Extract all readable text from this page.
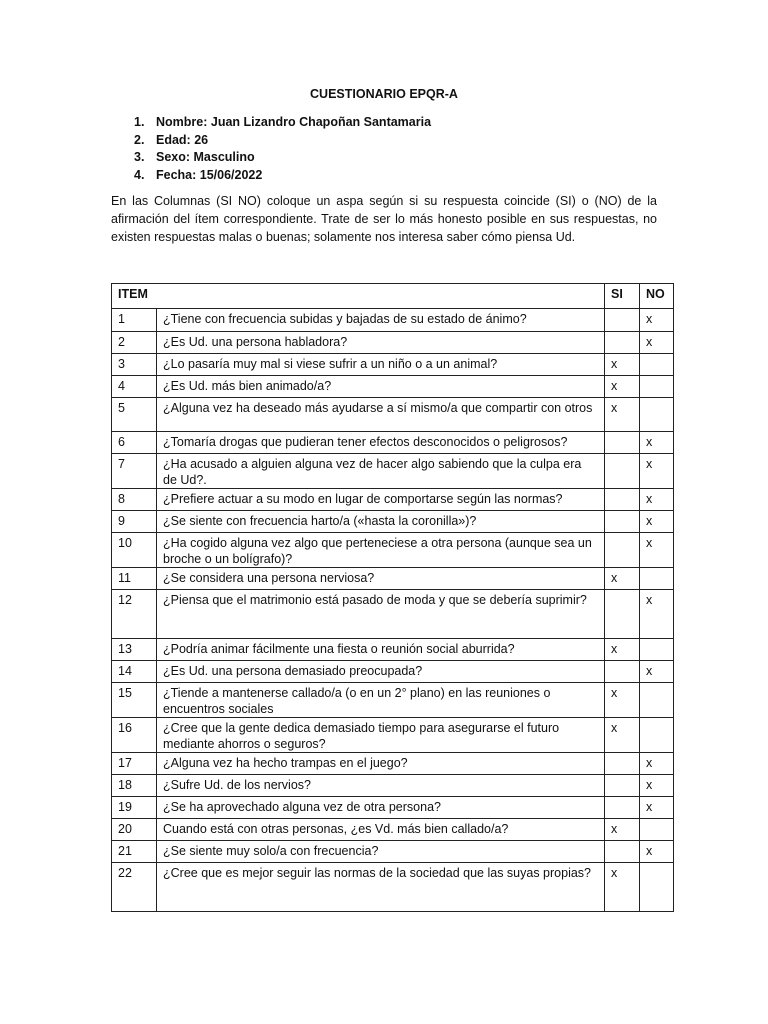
CUESTIONARIO EPQR-A
1. Nombre: Juan Lizandro Chapoñan Santamaria
2. Edad: 26
3. Sexo: Masculino
4. Fecha: 15/06/2022

En las Columnas (SI NO) coloque un aspa según si su respuesta coincide (SI) o (NO) de la afirmación del ítem correspondiente. Trate de ser lo más honesto posible en sus respuestas, no existen respuestas malas o buenas; solamente nos interesa saber cómo piensa Ud.

ITEM		SI	NO
1	¿Tiene con frecuencia subidas y bajadas de su estado de ánimo?		x
2	¿Es Ud. una persona habladora?		x
3	¿Lo pasaría muy mal si viese sufrir a un niño o a un animal?	x	
4	¿Es Ud. más bien animado/a?	x	
5	¿Alguna vez ha deseado más ayudarse a sí mismo/a que compartir con otros	x	
6	¿Tomaría drogas que pudieran tener efectos desconocidos o peligrosos?		x
7	¿Ha acusado a alguien alguna vez de hacer algo sabiendo que la culpa era de Ud?.		x
8	¿Prefiere actuar a su modo en lugar de comportarse según las normas?		x
9	¿Se siente con frecuencia harto/a («hasta la coronilla»)?		x
10	¿Ha cogido alguna vez algo que perteneciese a otra persona (aunque sea un broche o un bolígrafo)?		x
11	¿Se considera una persona nerviosa?	x	
12	¿Piensa que el matrimonio está pasado de moda y que se debería suprimir?		x
13	¿Podría animar fácilmente una fiesta o reunión social aburrida?	x	
14	¿Es Ud. una persona demasiado preocupada?		x
15	¿Tiende a mantenerse callado/a (o en un 2° plano) en las reuniones o encuentros sociales	x	
16	¿Cree que la gente dedica demasiado tiempo para asegurarse el futuro mediante ahorros o seguros?	x	
17	¿Alguna vez ha hecho trampas en el juego?		x
18	¿Sufre Ud. de los nervios?		x
19	¿Se ha aprovechado alguna vez de otra persona?		x
20	Cuando está con otras personas, ¿es Vd. más bien callado/a?	x	
21	¿Se siente muy solo/a con frecuencia?		x
22	¿Cree que es mejor seguir las normas de la sociedad que las suyas propias?	x	
